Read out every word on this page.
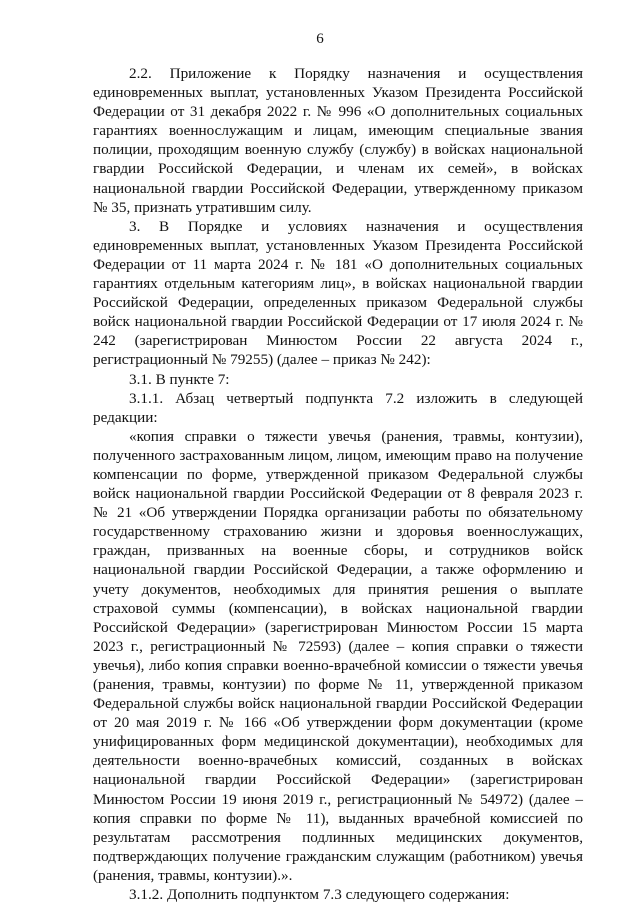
6

2.2. Приложение к Порядку назначения и осуществления единовременных выплат, установленных Указом Президента Российской Федерации от 31 декабря 2022 г. № 996 «О дополнительных социальных гарантиях военнослужащим и лицам, имеющим специальные звания полиции, проходящим военную службу (службу) в войсках национальной гвардии Российской Федерации, и членам их семей», в войсках национальной гвардии Российской Федерации, утвержденному приказом № 35, признать утратившим силу.

3. В Порядке и условиях назначения и осуществления единовременных выплат, установленных Указом Президента Российской Федерации от 11 марта 2024 г. № 181 «О дополнительных социальных гарантиях отдельным категориям лиц», в войсках национальной гвардии Российской Федерации, определенных приказом Федеральной службы войск национальной гвардии Российской Федерации от 17 июля 2024 г. № 242 (зарегистрирован Минюстом России 22 августа 2024 г., регистрационный № 79255) (далее – приказ № 242):

3.1. В пункте 7:

3.1.1. Абзац четвертый подпункта 7.2 изложить в следующей редакции:

«копия справки о тяжести увечья (ранения, травмы, контузии), полученного застрахованным лицом, лицом, имеющим право на получение компенсации по форме, утвержденной приказом Федеральной службы войск национальной гвардии Российской Федерации от 8 февраля 2023 г. № 21 «Об утверждении Порядка организации работы по обязательному государственному страхованию жизни и здоровья военнослужащих, граждан, призванных на военные сборы, и сотрудников войск национальной гвардии Российской Федерации, а также оформлению и учету документов, необходимых для принятия решения о выплате страховой суммы (компенсации), в войсках национальной гвардии Российской Федерации» (зарегистрирован Минюстом России 15 марта 2023 г., регистрационный № 72593) (далее – копия справки о тяжести увечья), либо копия справки военно-врачебной комиссии о тяжести увечья (ранения, травмы, контузии) по форме № 11, утвержденной приказом Федеральной службы войск национальной гвардии Российской Федерации от 20 мая 2019 г. № 166 «Об утверждении форм документации (кроме унифицированных форм медицинской документации), необходимых для деятельности военно-врачебных комиссий, созданных в войсках национальной гвардии Российской Федерации» (зарегистрирован Минюстом России 19 июня 2019 г., регистрационный № 54972) (далее – копия справки по форме № 11), выданных врачебной комиссией по результатам рассмотрения подлинных медицинских документов, подтверждающих получение гражданским служащим (работником) увечья (ранения, травмы, контузии).».

3.1.2. Дополнить подпунктом 7.3 следующего содержания:
